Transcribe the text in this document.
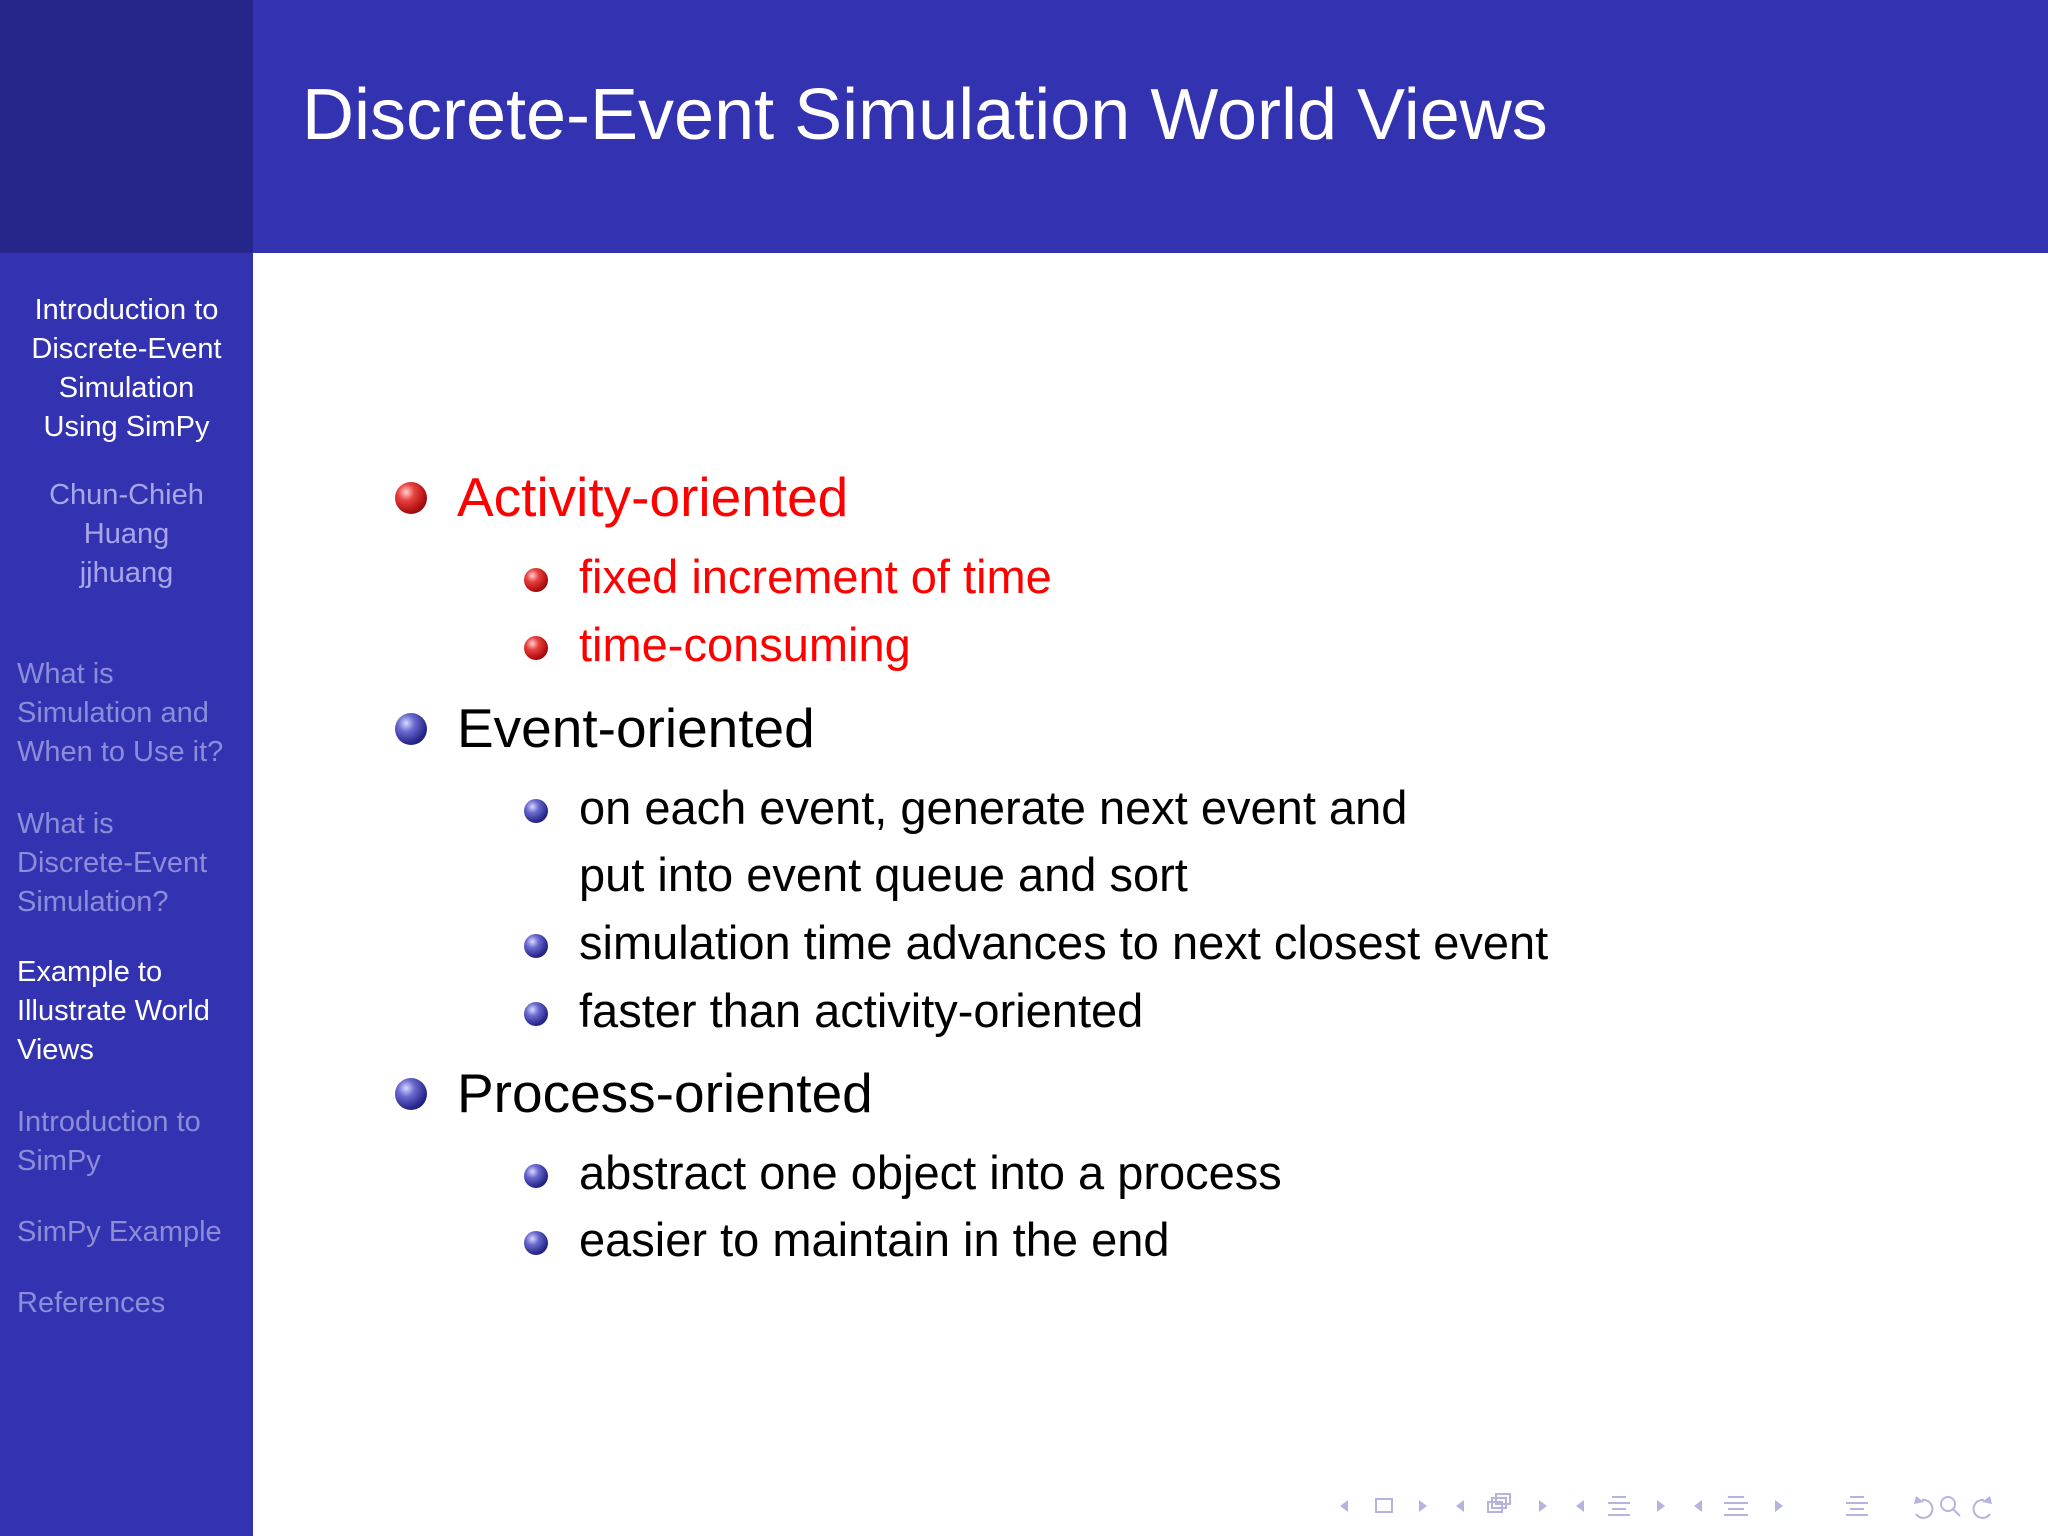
Introduction to
Discrete-Event
Simulation
Using SimPy
Chun-Chieh
Huang
jjhuang
What is
Simulation and
When to Use it?
What is
Discrete-Event
Simulation?
Example to
Illustrate World
Views
Introduction to
SimPy
SimPy Example
References
Discrete-Event Simulation World Views
Activity-oriented
fixed increment of time
time-consuming
Event-oriented
on each event, generate next event and
put into event queue and sort
simulation time advances to next closest event
faster than activity-oriented
Process-oriented
abstract one object into a process
easier to maintain in the end
